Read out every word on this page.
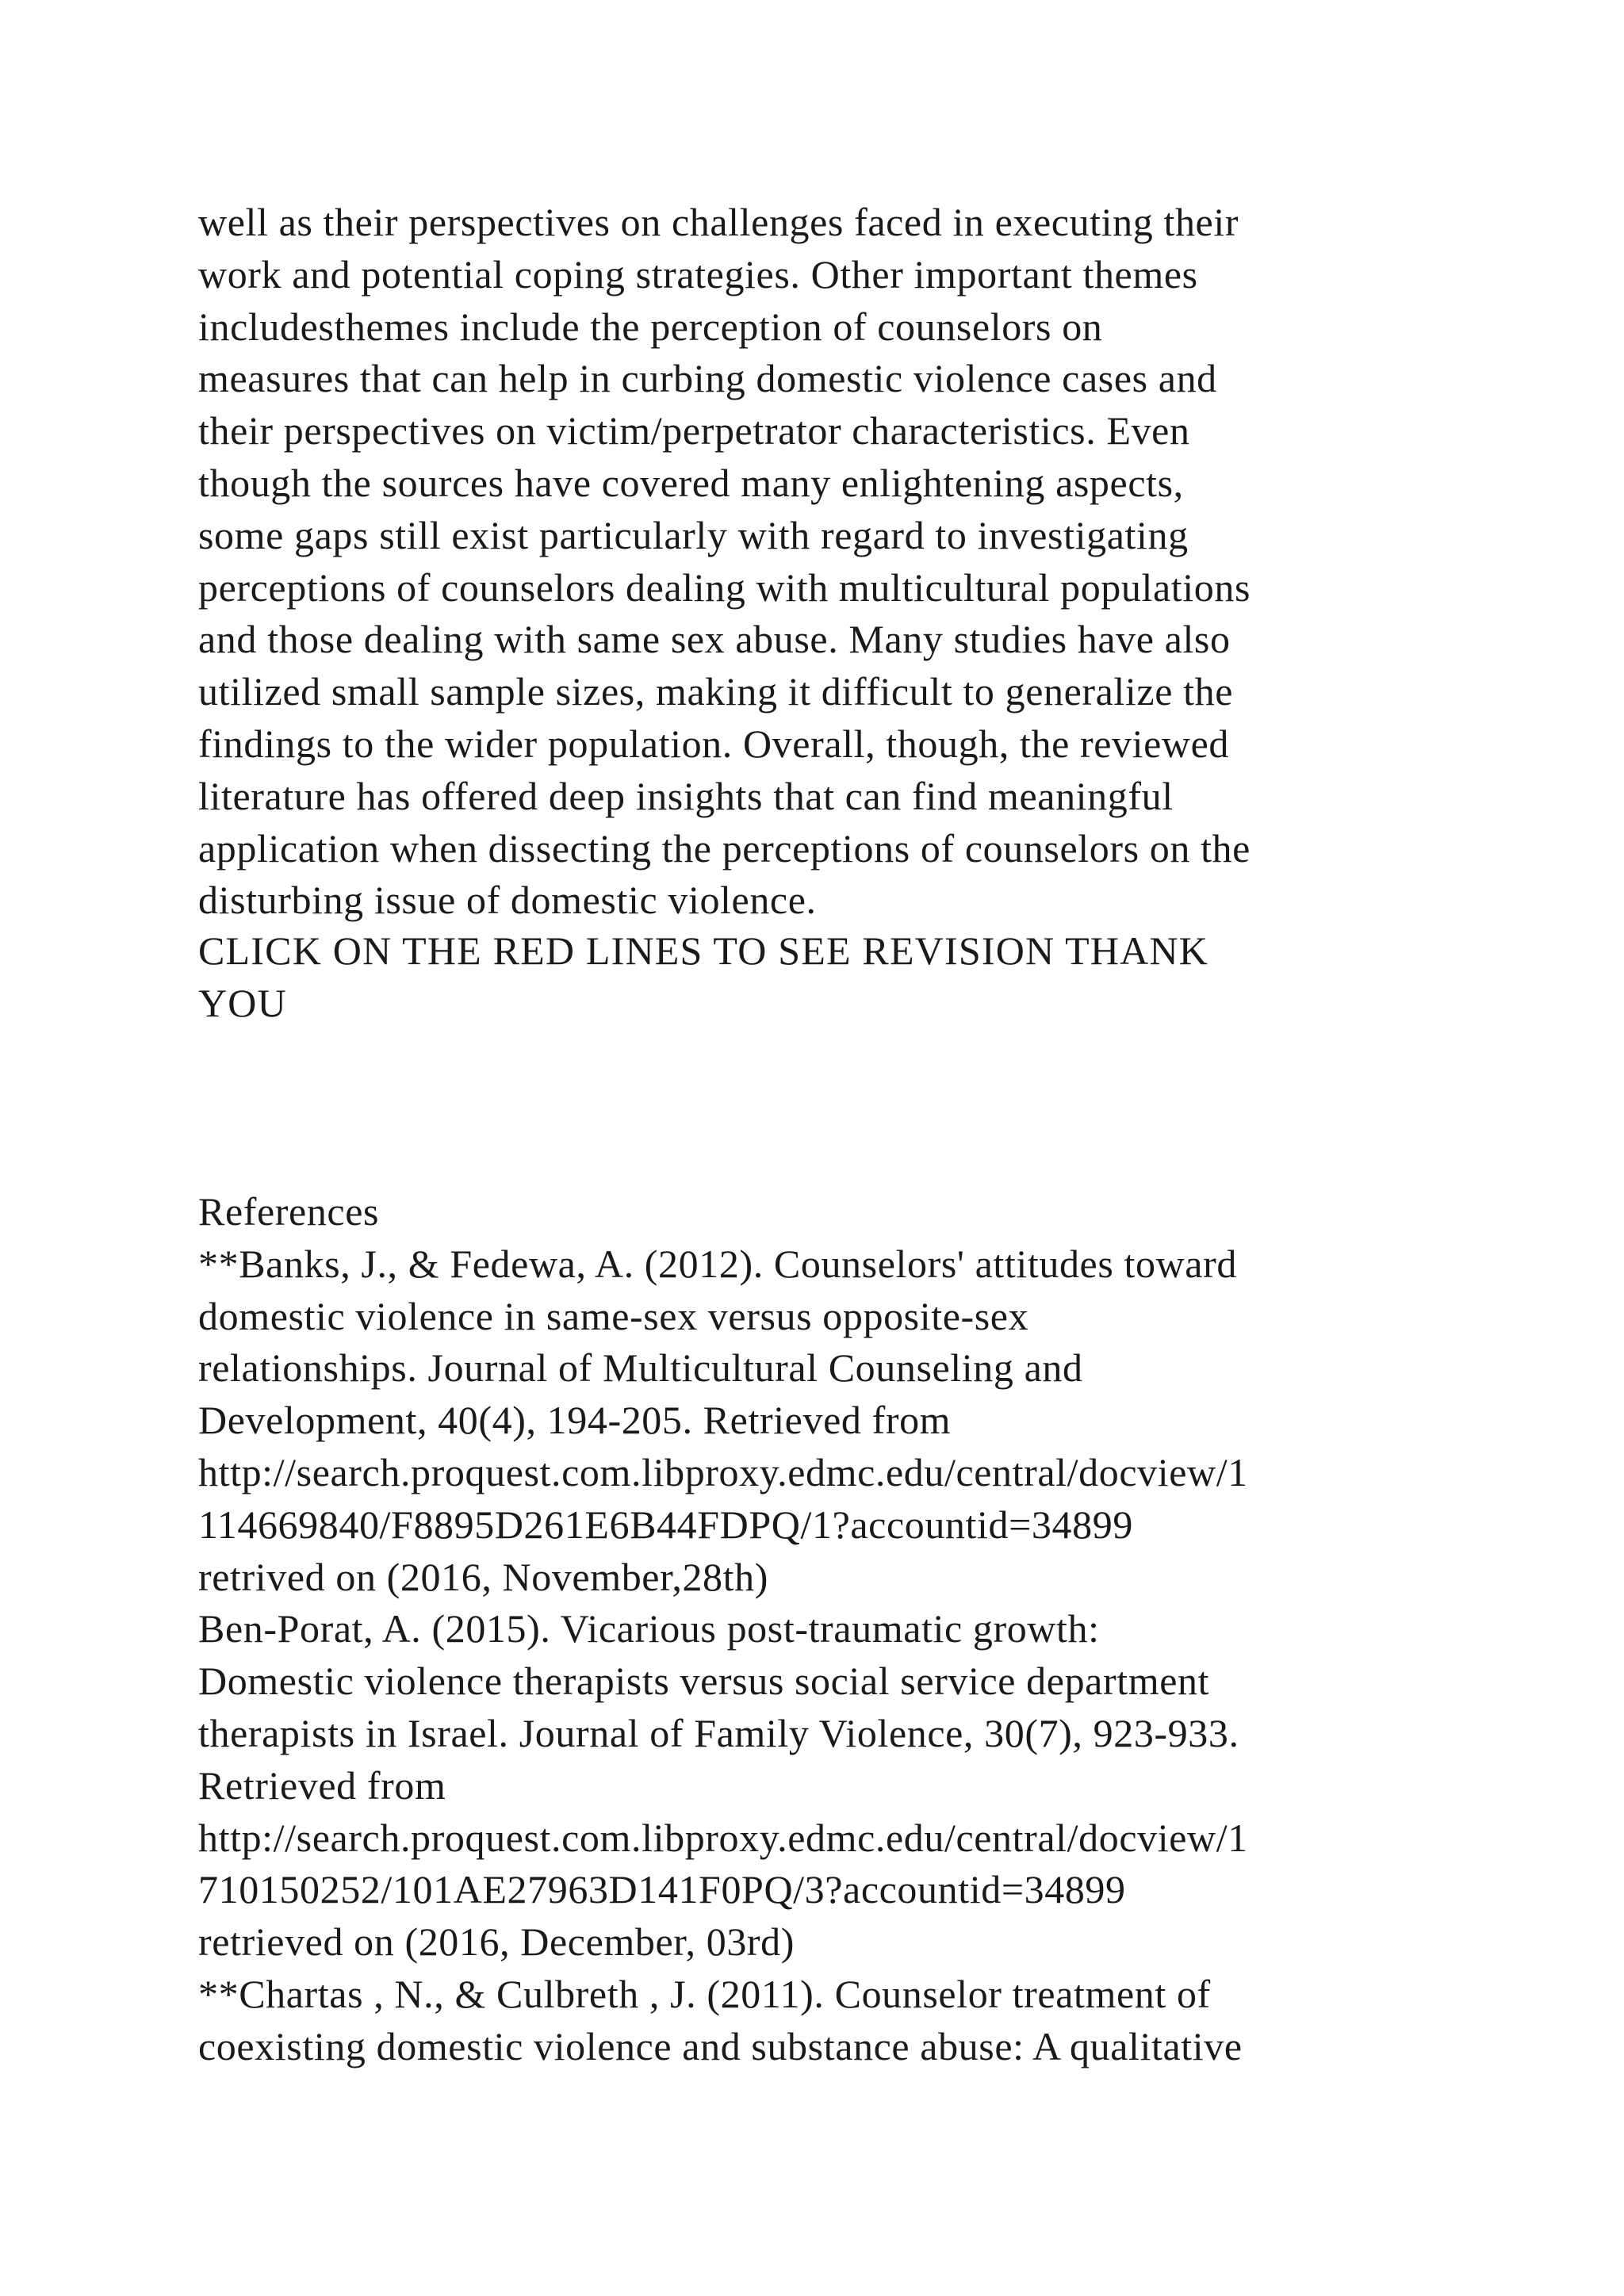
well as their perspectives on challenges faced in executing their
work and potential coping strategies. Other important themes
includesthemes include the perception of counselors on
measures that can help in curbing domestic violence cases and
their perspectives on victim/perpetrator characteristics. Even
though the sources have covered many enlightening aspects,
some gaps still exist particularly with regard to investigating
perceptions of counselors dealing with multicultural populations
and those dealing with same sex abuse. Many studies have also
utilized small sample sizes, making it difficult to generalize the
findings to the wider population. Overall, though, the reviewed
literature has offered deep insights that can find meaningful
application when dissecting the perceptions of counselors on the
disturbing issue of domestic violence.
CLICK ON THE RED LINES TO SEE REVISION THANK
YOU
References
**Banks, J., & Fedewa, A. (2012). Counselors' attitudes toward
domestic violence in same-sex versus opposite-sex
relationships. Journal of Multicultural Counseling and
Development, 40(4), 194-205. Retrieved from
http://search.proquest.com.libproxy.edmc.edu/central/docview/1
114669840/F8895D261E6B44FDPQ/1?accountid=34899
retrived on (2016, November,28th)
Ben-Porat, A. (2015). Vicarious post-traumatic growth:
Domestic violence therapists versus social service department
therapists in Israel. Journal of Family Violence, 30(7), 923-933.
Retrieved from
http://search.proquest.com.libproxy.edmc.edu/central/docview/1
710150252/101AE27963D141F0PQ/3?accountid=34899
retrieved on (2016, December, 03rd)
**Chartas , N., & Culbreth , J. (2011). Counselor treatment of
coexisting domestic violence and substance abuse: A qualitative
